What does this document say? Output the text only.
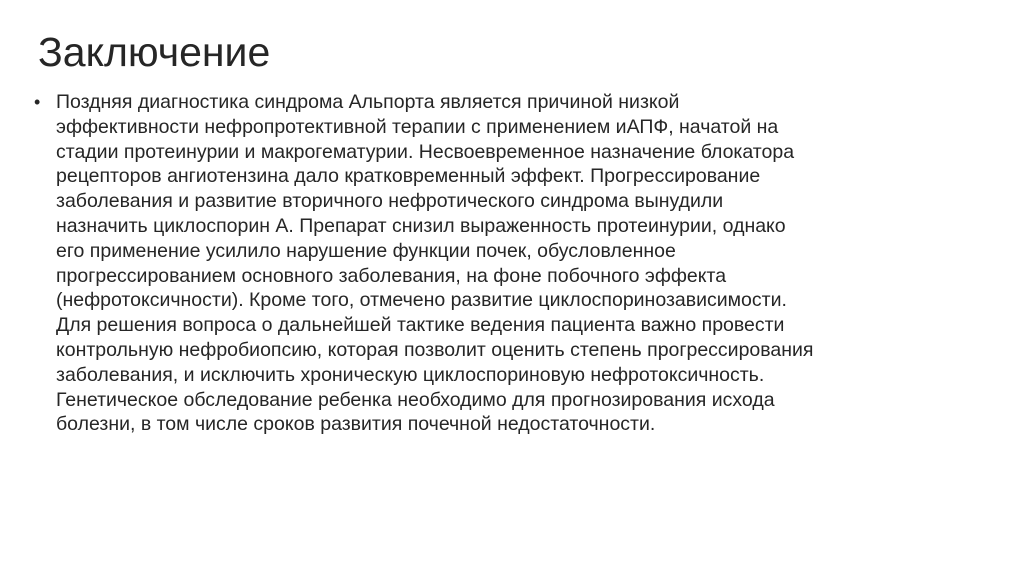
Заключение
• Поздняя диагностика синдрома Альпорта является причиной низкой
эффективности нефропротективной терапии с применением иАПФ, начатой на
стадии протеинурии и макрогематурии. Несвоевременное назначение блокатора
рецепторов ангиотензина дало кратковременный эффект. Прогрессирование
заболевания и развитие вторичного нефротического синдрома вынудили
назначить циклоспорин А. Препарат снизил выраженность протеинурии, однако
его применение усилило нарушение функции почек, обусловленное
прогрессированием основного заболевания, на фоне побочного эффекта
(нефротоксичности). Кроме того, отмечено развитие циклоспоринозависимости.
Для решения вопроса о дальнейшей тактике ведения пациента важно провести
контрольную нефробиопсию, которая позволит оценить степень прогрессирования
заболевания, и исключить хроническую циклоспориновую нефротоксичность.
Генетическое обследование ребенка необходимо для прогнозирования исхода
болезни, в том числе сроков развития почечной недостаточности.
